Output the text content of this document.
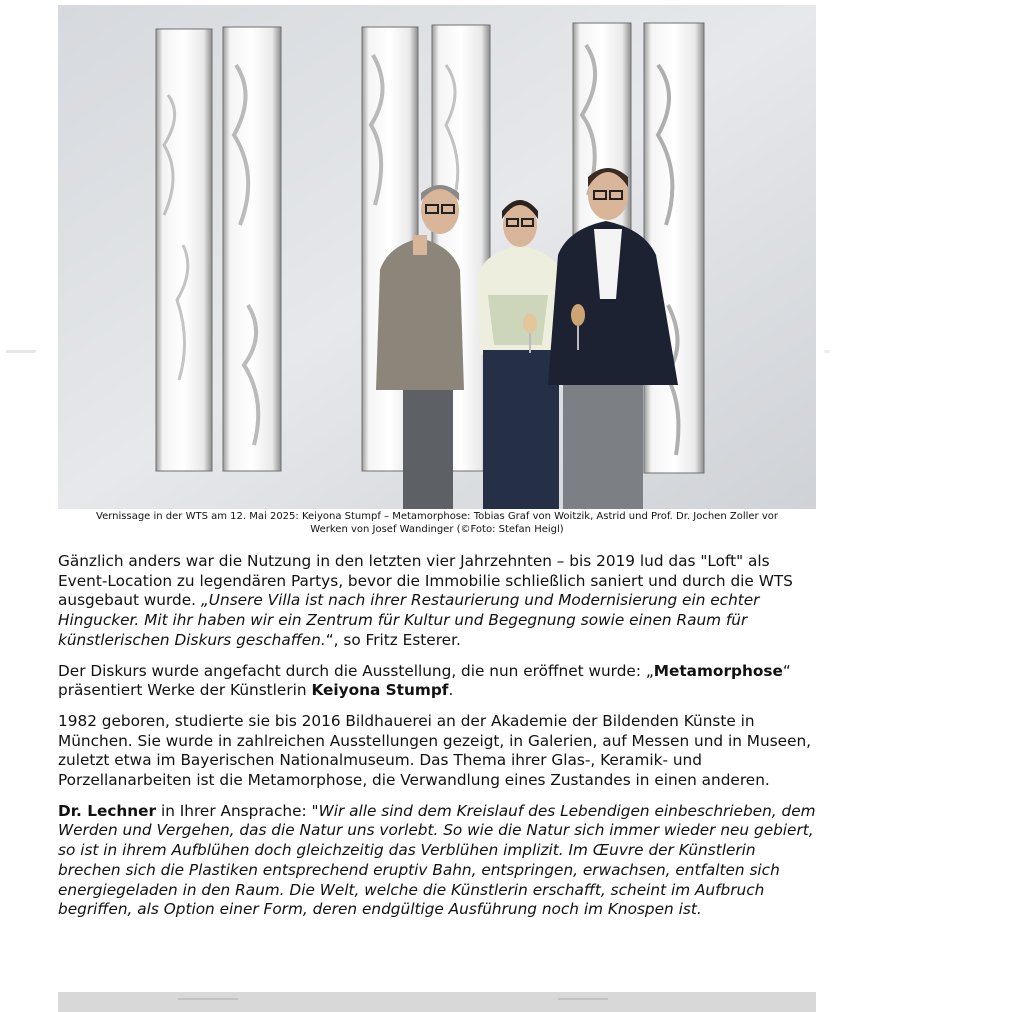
Vernissage in der WTS am 12. Mai 2025: Keiyona Stumpf – Metamorphose: Tobias Graf von Woitzik, Astrid und Prof. Dr. Jochen Zoller vor
Werken von Josef Wandinger (©Foto: Stefan Heigl)

Gänzlich anders war die Nutzung in den letzten vier Jahrzehnten – bis 2019 lud das "Loft" als Event-Location zu legendären Partys, bevor die Immobilie schließlich saniert und durch die WTS ausgebaut wurde. „Unsere Villa ist nach ihrer Restaurierung und Modernisierung ein echter Hingucker. Mit ihr haben wir ein Zentrum für Kultur und Begegnung sowie einen Raum für künstlerischen Diskurs geschaffen.“, so Fritz Esterer.

Der Diskurs wurde angefacht durch die Ausstellung, die nun eröffnet wurde: „Metamorphose“ präsentiert Werke der Künstlerin Keiyona Stumpf.

1982 geboren, studierte sie bis 2016 Bildhauerei an der Akademie der Bildenden Künste in München. Sie wurde in zahlreichen Ausstellungen gezeigt, in Galerien, auf Messen und in Museen, zuletzt etwa im Bayerischen Nationalmuseum. Das Thema ihrer Glas-, Keramik- und Porzellanarbeiten ist die Metamorphose, die Verwandlung eines Zustandes in einen anderen.

Dr. Lechner in Ihrer Ansprache: "Wir alle sind dem Kreislauf des Lebendigen einbeschrieben, dem Werden und Vergehen, das die Natur uns vorlebt. So wie die Natur sich immer wieder neu gebiert, so ist in ihrem Aufblühen doch gleichzeitig das Verblühen implizit. Im Œuvre der Künstlerin brechen sich die Plastiken entsprechend eruptiv Bahn, entspringen, erwachsen, entfalten sich energiegeladen in den Raum. Die Welt, welche die Künstlerin erschafft, scheint im Aufbruch begriffen, als Option einer Form, deren endgültige Ausführung noch im Knospen ist.
